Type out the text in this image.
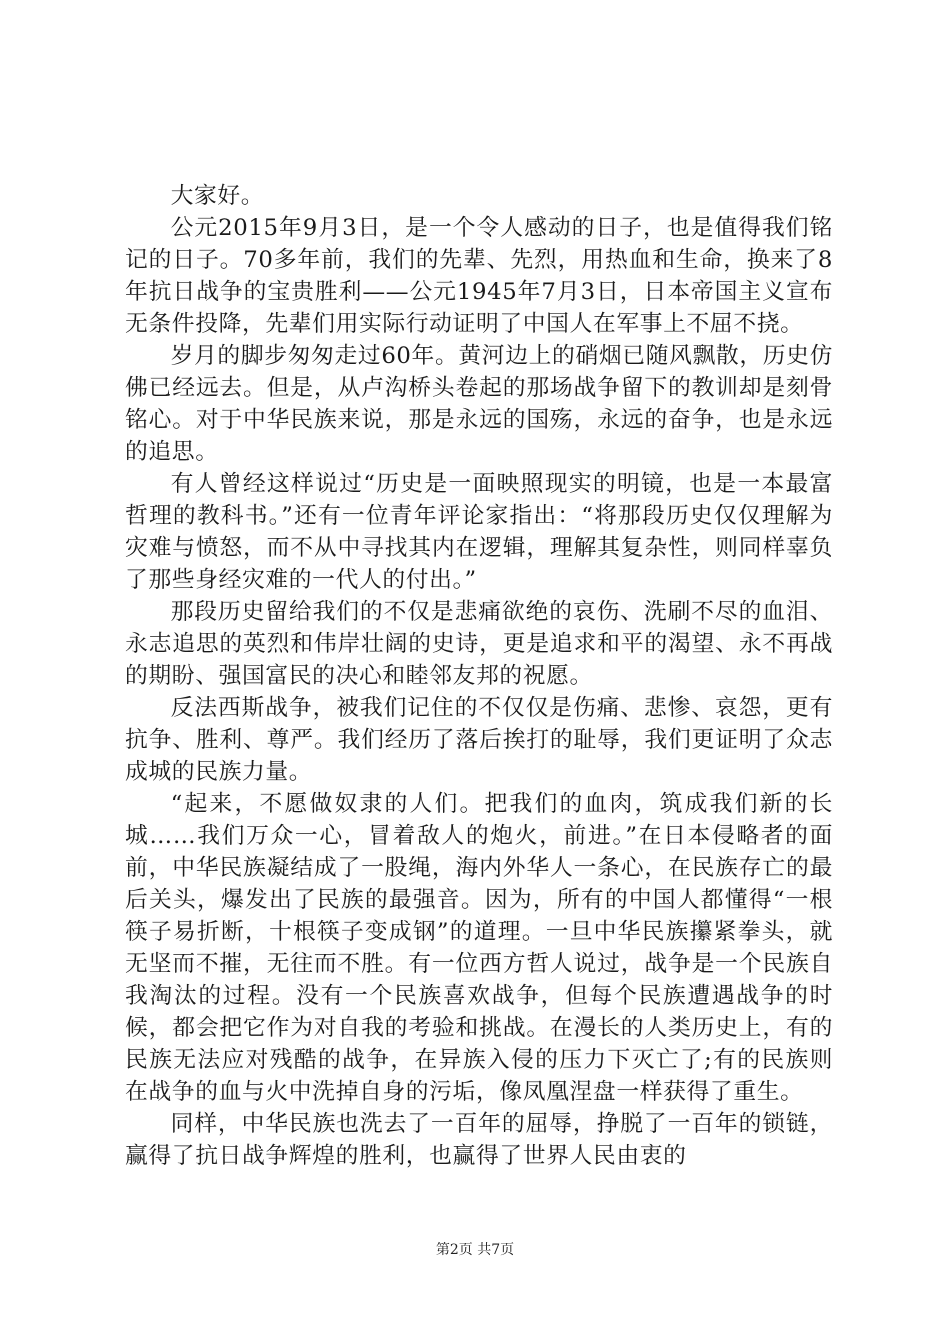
大家好。

公元2015年9月3日，是一个令人感动的日子，也是值得我们铭记的日子。70多年前，我们的先辈、先烈，用热血和生命，换来了8年抗日战争的宝贵胜利——公元1945年7月3日，日本帝国主义宣布无条件投降，先辈们用实际行动证明了中国人在军事上不屈不挠。

岁月的脚步匆匆走过60年。黄河边上的硝烟已随风飘散，历史仿佛已经远去。但是，从卢沟桥头卷起的那场战争留下的教训却是刻骨铭心。对于中华民族来说，那是永远的国殇，永远的奋争，也是永远的追思。

有人曾经这样说过“历史是一面映照现实的明镜，也是一本最富哲理的教科书。”还有一位青年评论家指出：“将那段历史仅仅理解为灾难与愤怒，而不从中寻找其内在逻辑，理解其复杂性，则同样辜负了那些身经灾难的一代人的付出。”

那段历史留给我们的不仅是悲痛欲绝的哀伤、洗刷不尽的血泪、永志追思的英烈和伟岸壮阔的史诗，更是追求和平的渴望、永不再战的期盼、强国富民的决心和睦邻友邦的祝愿。

反法西斯战争，被我们记住的不仅仅是伤痛、悲惨、哀怨，更有抗争、胜利、尊严。我们经历了落后挨打的耻辱，我们更证明了众志成城的民族力量。

“起来，不愿做奴隶的人们。把我们的血肉，筑成我们新的长城……我们万众一心，冒着敌人的炮火，前进。”在日本侵略者的面前，中华民族凝结成了一股绳，海内外华人一条心，在民族存亡的最后关头，爆发出了民族的最强音。因为，所有的中国人都懂得“一根筷子易折断，十根筷子变成钢”的道理。一旦中华民族攥紧拳头，就无坚而不摧，无往而不胜。有一位西方哲人说过，战争是一个民族自我淘汰的过程。没有一个民族喜欢战争，但每个民族遭遇战争的时候，都会把它作为对自我的考验和挑战。在漫长的人类历史上，有的民族无法应对残酷的战争，在异族入侵的压力下灭亡了;有的民族则在战争的血与火中洗掉自身的污垢，像凤凰涅盘一样获得了重生。

同样，中华民族也洗去了一百年的屈辱，挣脱了一百年的锁链，赢得了抗日战争辉煌的胜利，也赢得了世界人民由衷的

第2页 共7页
